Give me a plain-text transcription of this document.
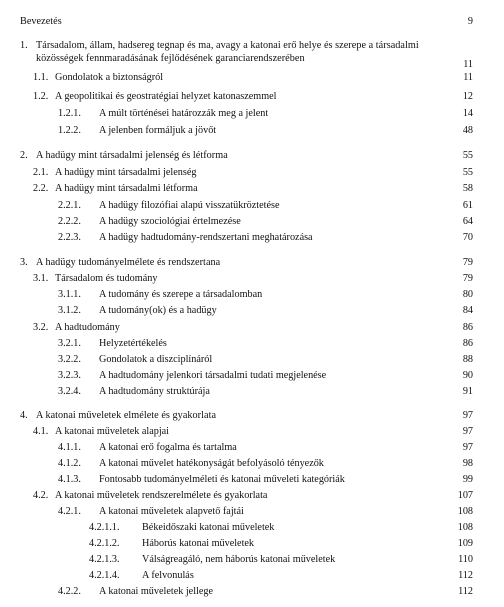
Bevezetés	9
1. Társadalom, állam, hadsereg tegnap és ma, avagy a katonai erő helye és szerepe a társadalmi közösségek fennmaradásának fejlődésének garanciarendszerében
11
1.1. Gondolatok a biztonságról	11
1.2. A geopolitikai és geostratégiai helyzet katonaszemmel	12
1.2.1. A múlt történései határozzák meg a jelent	14
1.2.2. A jelenben formáljuk a jövőt	48
2. A hadügy mint társadalmi jelenség és létforma	55
2.1. A hadügy mint társadalmi jelenség	55
2.2. A hadügy mint társadalmi létforma	58
2.2.1. A hadügy filozófiai alapú visszatükröztetése	61
2.2.2. A hadügy szociológiai értelmezése	64
2.2.3. A hadügy hadtudomány-rendszertani meghatározása	70
3. A hadügy tudományelmélete és rendszertana	79
3.1. Társadalom és tudomány	79
3.1.1. A tudomány és szerepe a társadalomban	80
3.1.2. A tudomány(ok) és a hadügy	84
3.2. A hadtudomány	86
3.2.1. Helyzetértékelés	86
3.2.2. Gondolatok a diszciplínáról	88
3.2.3. A hadtudomány jelenkori társadalmi tudati megjelenése	90
3.2.4. A hadtudomány struktúrája	91
4. A katonai műveletek elmélete és gyakorlata	97
4.1. A katonai műveletek alapjai	97
4.1.1. A katonai erő fogalma és tartalma	97
4.1.2. A katonai művelet hatékonyságát befolyásoló tényezők	98
4.1.3. Fontosabb tudományelméleti és katonai műveleti kategóriák	99
4.2. A katonai műveletek rendszerelmélete és gyakorlata	107
4.2.1. A katonai műveletek alapvető fajtái	108
4.2.1.1. Békeidőszaki katonai műveletek	108
4.2.1.2. Háborús katonai műveletek	109
4.2.1.3. Válságreagáló, nem háborús katonai műveletek	110
4.2.1.4. A felvonulás	112
4.2.2. A katonai műveletek jellege	112
